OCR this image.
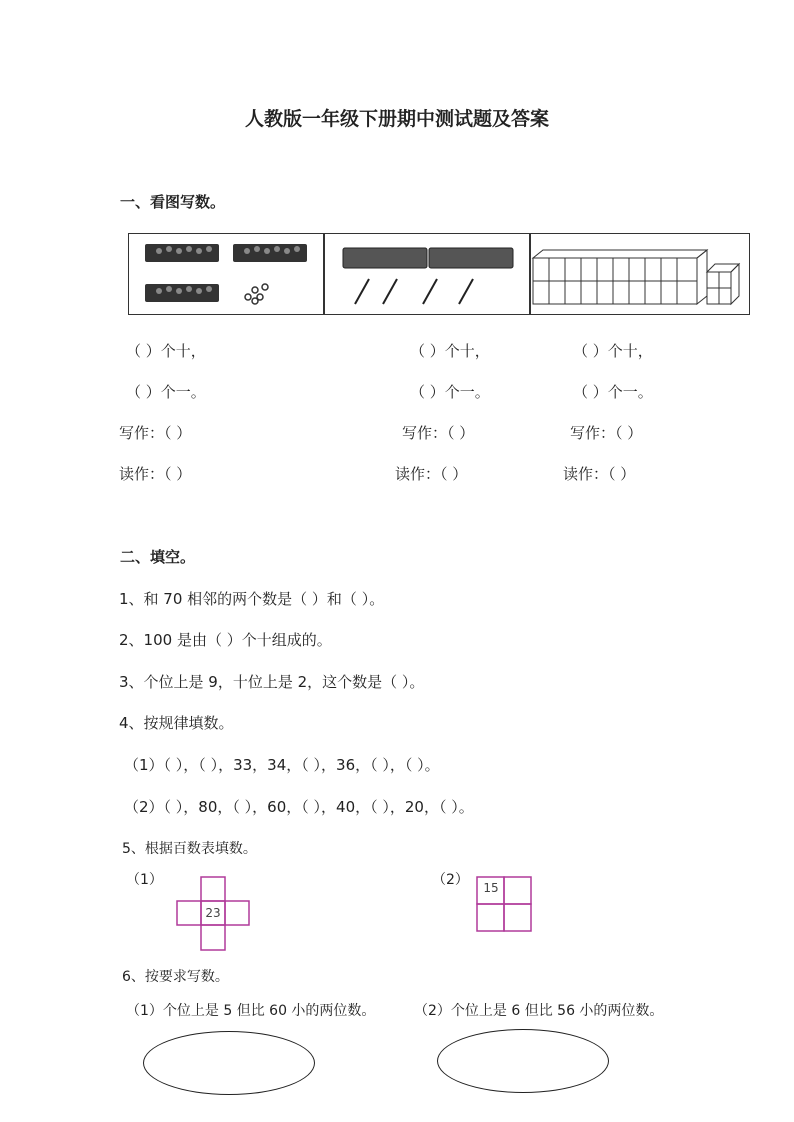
人教版一年级下册期中测试题及答案
一、看图写数。
（ ）个十，
（ ）个一。
写作：（ ）
读作：（ ）
（ ）个十，
（ ）个一。
写作：（ ）
读作：（ ）
（ ）个十，
（ ）个一。
写作：（ ）
读作：（ ）
二、填空。
1、和 70 相邻的两个数是（ ）和（ ）。
2、100 是由（ ）个十组成的。
3、个位上是 9，十位上是 2，这个数是（ ）。
4、按规律填数。
（1）（ ），（ ），33，34，（ ），36，（ ），（ ）。
（2）（ ），80，（ ），60，（ ），40，（ ），20，（ ）。
5、根据百数表填数。
（1）	（2）
23
15
6、按要求写数。
（1）个位上是 5 但比 60 小的两位数。	（2）个位上是 6 但比 56 小的两位数。
